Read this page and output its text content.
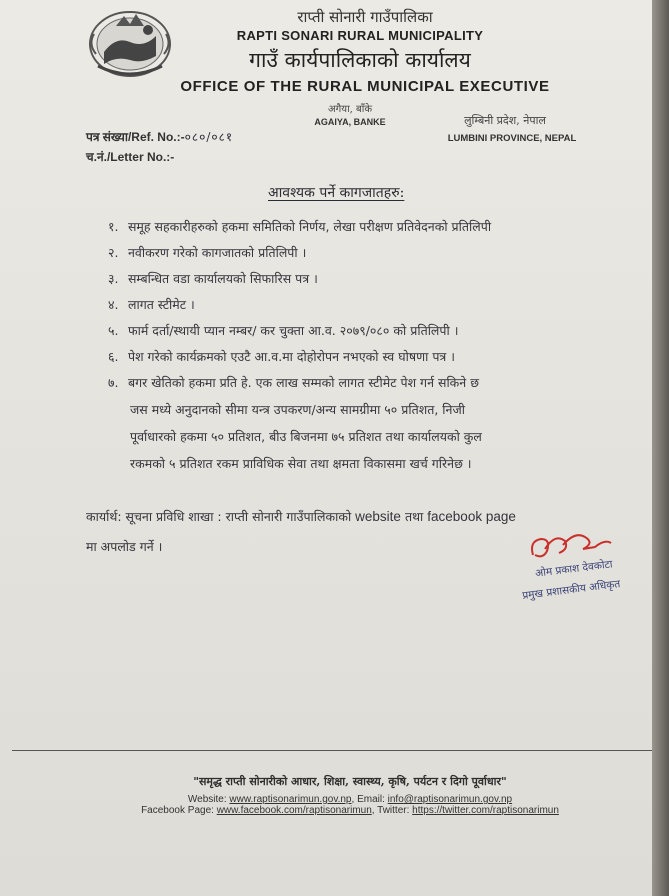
राप्ती सोनारी गाउँपालिका
RAPTI SONARI RURAL MUNICIPALITY
गाउँ कार्यपालिकाको कार्यालय
OFFICE OF THE RURAL MUNICIPAL EXECUTIVE
अगैया, बाँके
AGAIYA, BANKE	लुम्बिनी प्रदेश, नेपाल
LUMBINI PROVINCE, NEPAL
पत्र संख्या/Ref. No.:-०८०/०८१
च.नं./Letter No.:-
आवश्यक पर्ने कागजातहरु:
१. समूह सहकारीहरुको हकमा समितिको निर्णय, लेखा परीक्षण प्रतिवेदनको प्रतिलिपी
२. नवीकरण गरेको कागजातको प्रतिलिपी ।
३. सम्बन्धित वडा कार्यालयको सिफारिस पत्र ।
४. लागत स्टीमेट ।
५. फार्म दर्ता/स्थायी प्यान नम्बर/ कर चुक्ता आ.व. २०७९/०८० को प्रतिलिपी ।
६. पेश गरेको कार्यक्रमको एउटै आ.व.मा दोहोरोपन नभएको स्व घोषणा पत्र ।
७. बगर खेतिको हकमा प्रति हे. एक लाख सम्मको लागत स्टीमेट पेश गर्न सकिने छ
जस मध्ये अनुदानको सीमा यन्त्र उपकरण/अन्य सामग्रीमा ५० प्रतिशत, निजी
पूर्वाधारको हकमा ५० प्रतिशत, बीउ बिजनमा ७५ प्रतिशत तथा कार्यालयको कुल
रकमको ५ प्रतिशत रकम प्राविधिक सेवा तथा क्षमता विकासमा खर्च गरिनेछ ।
कार्यार्थ: सूचना प्रविधि शाखा : राप्ती सोनारी गाउँपालिकाको website तथा facebook page
मा अपलोड गर्ने ।
ओम प्रकाश देवकोटा
प्रमुख प्रशासकीय अधिकृत
"समृद्ध राप्ती सोनारीको आधार, शिक्षा, स्वास्थ्य, कृषि, पर्यटन र दिगो पूर्वाधार"
Website: www.raptisonarimun.gov.np, Email: info@raptisonarimun.gov.np
Facebook Page: www.facebook.com/raptisonarimun, Twitter: https://twitter.com/raptisonarimun
